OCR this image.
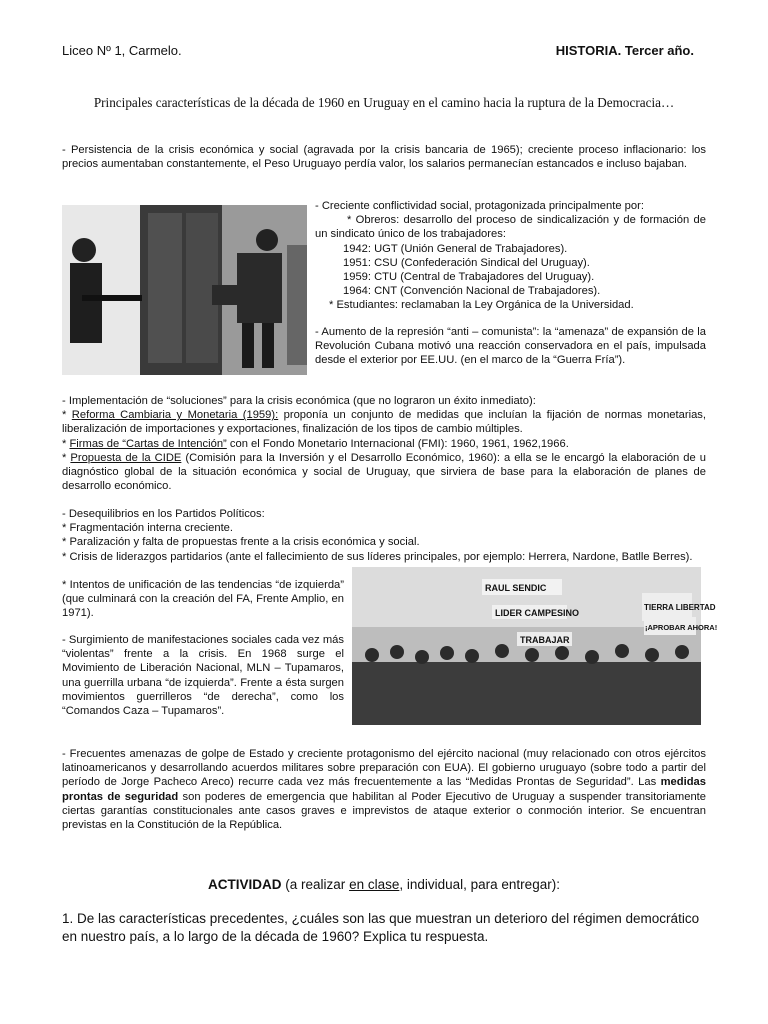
Liceo Nº 1, Carmelo.	HISTORIA. Tercer año.
Principales características de la década de 1960 en Uruguay en el camino hacia la ruptura de la Democracia…
- Persistencia de la crisis económica y social (agravada por la crisis bancaria de 1965); creciente proceso inflacionario: los precios aumentaban constantemente, el Peso Uruguayo perdía valor, los salarios permanecían estancados e incluso bajaban.
- Creciente conflictividad social, protagonizada principalmente por:
* Obreros: desarrollo del proceso de sindicalización y de formación de un sindicato único de los trabajadores:
1942: UGT (Unión General de Trabajadores).
1951: CSU (Confederación Sindical del Uruguay).
1959: CTU (Central de Trabajadores del Uruguay).
1964: CNT (Convención Nacional de Trabajadores).
* Estudiantes: reclamaban la Ley Orgánica de la Universidad.
- Aumento de la represión “anti – comunista”: la “amenaza” de expansión de la Revolución Cubana motivó una reacción conservadora en el país, impulsada desde el exterior por EE.UU. (en el marco de la “Guerra Fría”).
- Implementación de “soluciones” para la crisis económica (que no lograron un éxito inmediato):
* Reforma Cambiaria y Monetaria (1959): proponía un conjunto de medidas que incluían la fijación de normas monetarias, liberalización de importaciones y exportaciones, finalización de los tipos de cambio múltiples.
* Firmas de “Cartas de Intención” con el Fondo Monetario Internacional (FMI): 1960, 1961, 1962,1966.
* Propuesta de la CIDE (Comisión para la Inversión y el Desarrollo Económico, 1960): a ella se le encargó la elaboración de u diagnóstico global de la situación económica y social de Uruguay, que sirviera de base para la elaboración de planes de desarrollo económico.
- Desequilibrios en los Partidos Políticos:
* Fragmentación interna creciente.
* Paralización y falta de propuestas frente a la crisis económica y social.
* Crisis de liderazgos partidarios (ante el fallecimiento de sus líderes principales, por ejemplo: Herrera, Nardone, Batlle Berres).
* Intentos de unificación de las tendencias “de izquierda” (que culminará con la creación del FA, Frente Amplio, en 1971).
- Surgimiento de manifestaciones sociales cada vez más “violentas” frente a la crisis. En 1968 surge el Movimiento de Liberación Nacional, MLN – Tupamaros, una guerrilla urbana “de izquierda”. Frente a ésta surgen movimientos guerrilleros “de derecha”, como los “Comandos Caza – Tupamaros”.
RAUL SENDIC
LIDER CAMPESINO
TIERRA LIBERTAD
¡APROBAR AHORA!
TRABAJAR
- Frecuentes amenazas de golpe de Estado y creciente protagonismo del ejército nacional (muy relacionado con otros ejércitos latinoamericanos y desarrollando acuerdos militares sobre preparación con EUA). El gobierno uruguayo (sobre todo a partir del período de Jorge Pacheco Areco) recurre cada vez más frecuentemente a las “Medidas Prontas de Seguridad”. Las medidas prontas de seguridad son poderes de emergencia que habilitan al Poder Ejecutivo de Uruguay a suspender transitoriamente ciertas garantías constitucionales ante casos graves e imprevistos de ataque exterior o conmoción interior. Se encuentran previstas en la Constitución de la República.
ACTIVIDAD (a realizar en clase, individual, para entregar):
1. De las características precedentes, ¿cuáles son las que muestran un deterioro del régimen democrático en nuestro país, a lo largo de la década de 1960? Explica tu respuesta.
